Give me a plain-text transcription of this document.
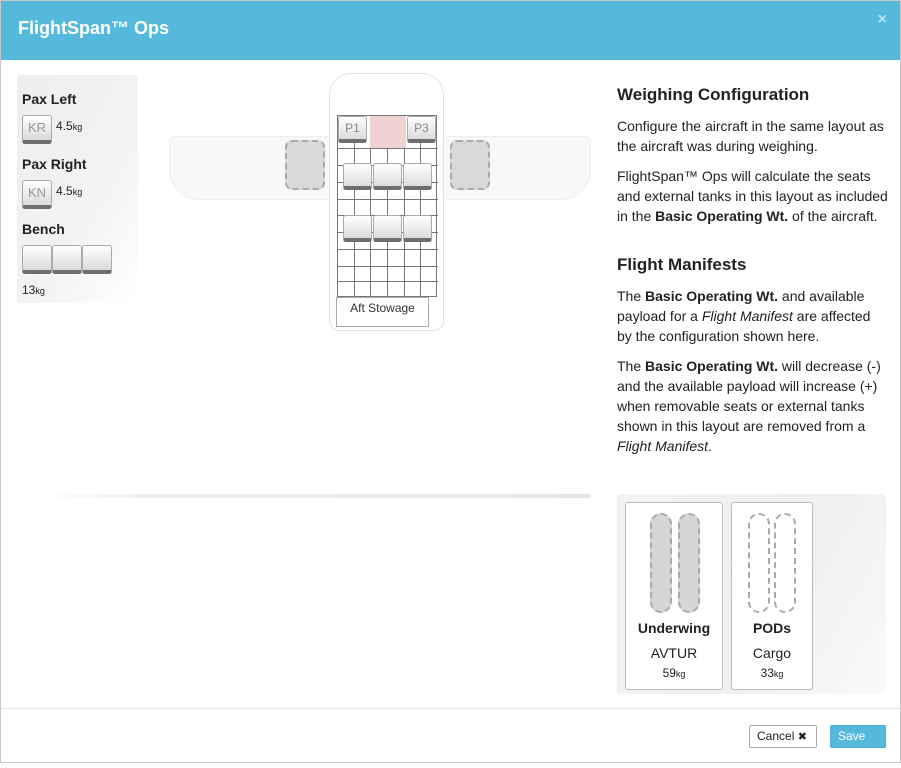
FlightSpan™ Ops	×
Pax Left
KR 4.5kg
Pax Right
KN 4.5kg
Bench
13kg
P1	P3
Aft Stowage
Weighing Configuration

Configure the aircraft in the same layout as the aircraft was during weighing.

FlightSpan™ Ops will calculate the seats and external tanks in this layout as included in the Basic Operating Wt. of the aircraft.

Flight Manifests

The Basic Operating Wt. and available payload for a Flight Manifest are affected by the configuration shown here.

The Basic Operating Wt. will decrease (-) and the available payload will increase (+) when removable seats or external tanks shown in this layout are removed from a Flight Manifest.

Underwing
AVTUR
59kg
PODs
Cargo
33kg
Cancel ✖	Save
